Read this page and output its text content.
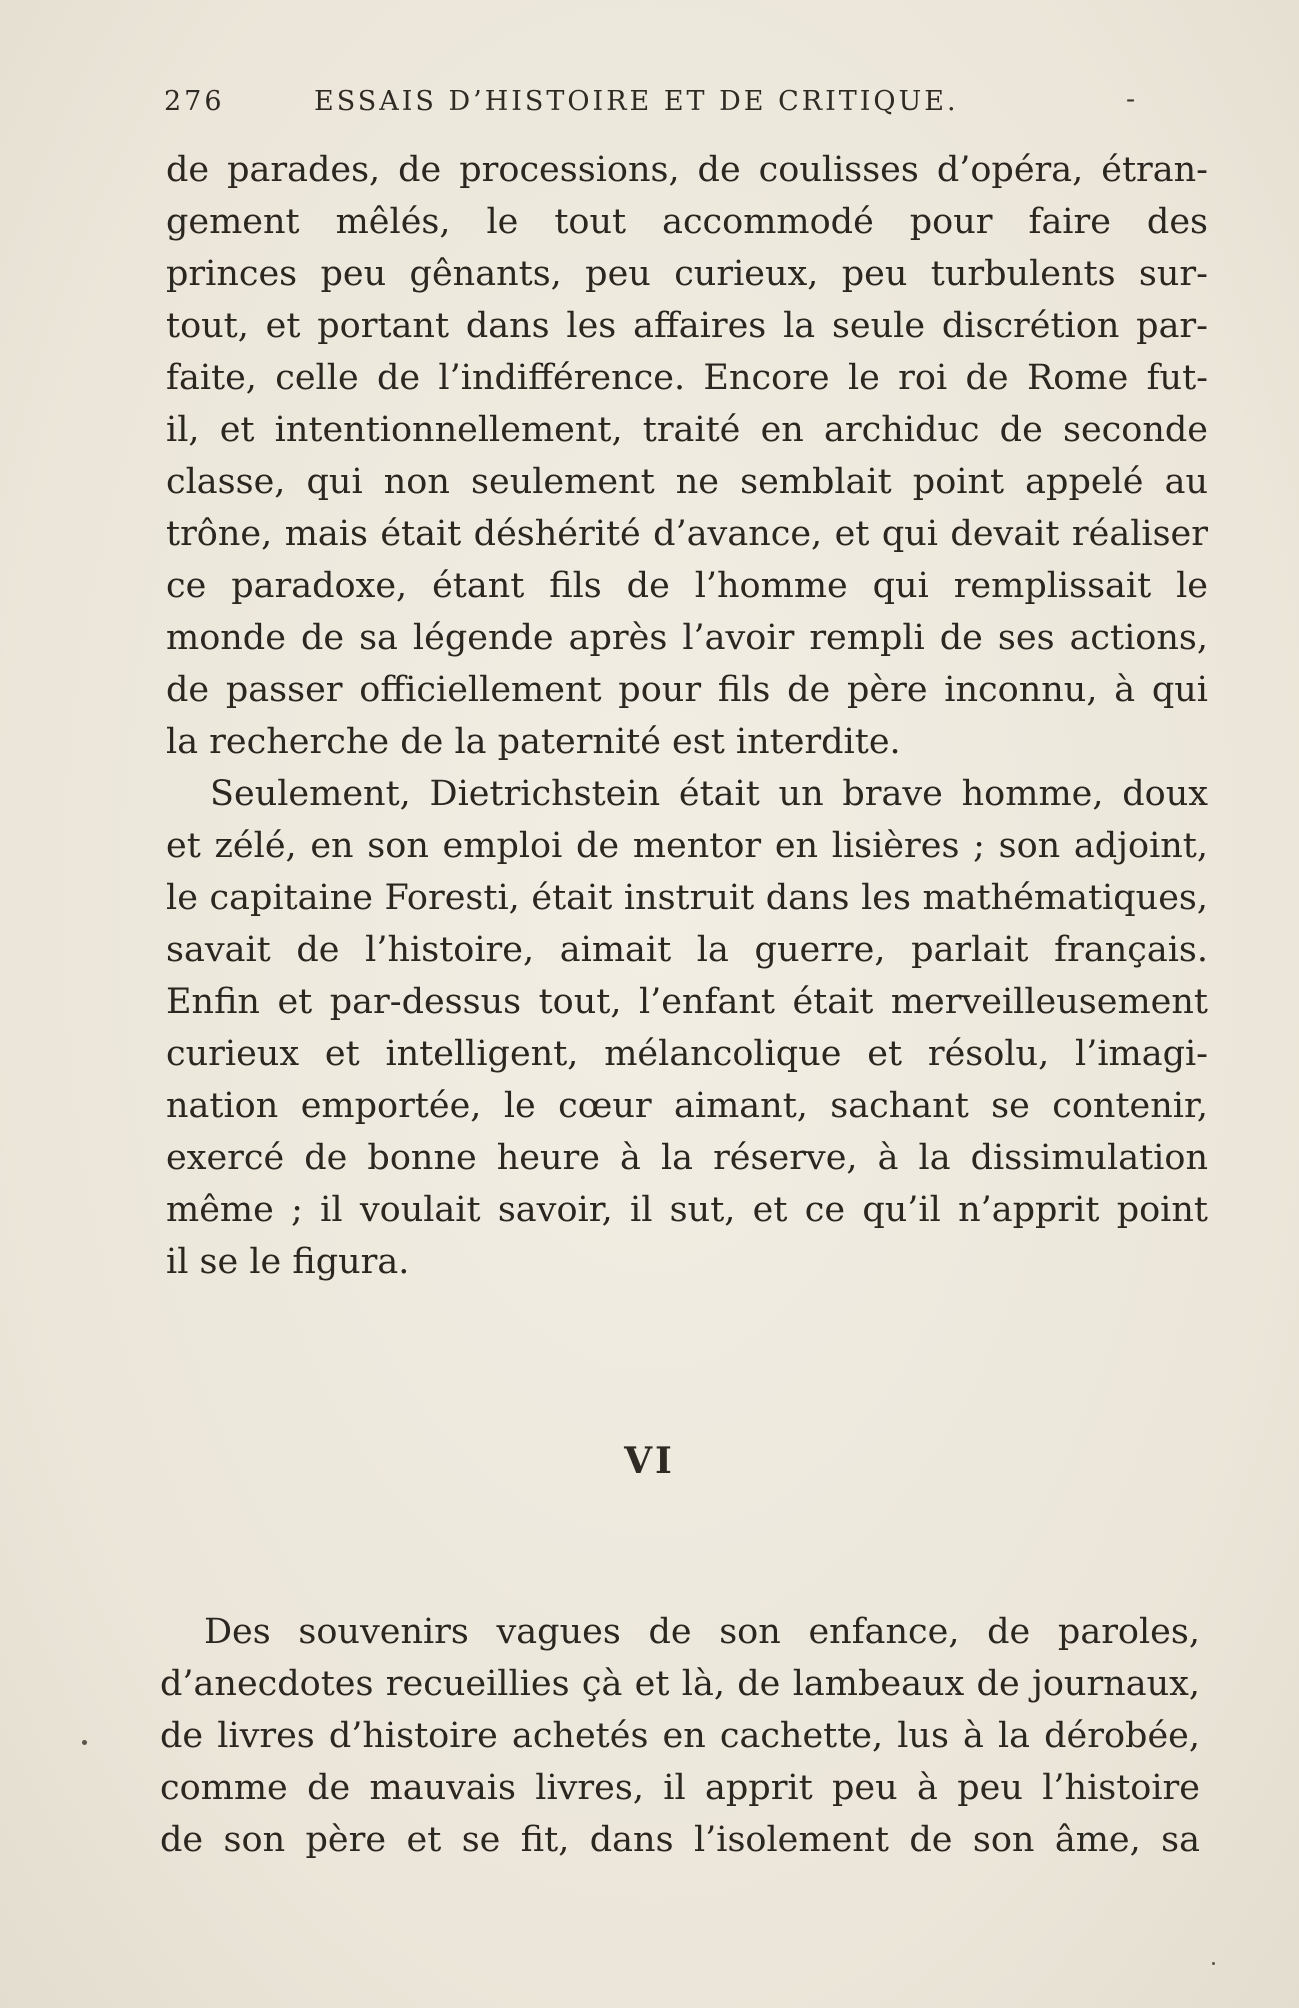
276	ESSAIS D’HISTOIRE ET DE CRITIQUE.	-
de parades, de processions, de coulisses d’opéra, étran-
gement mêlés, le tout accommodé pour faire des
princes peu gênants, peu curieux, peu turbulents sur-
tout, et portant dans les affaires la seule discrétion par-
faite, celle de l’indifférence. Encore le roi de Rome fut-
il, et intentionnellement, traité en archiduc de seconde
classe, qui non seulement ne semblait point appelé au
trône, mais était déshérité d’avance, et qui devait réaliser
ce paradoxe, étant fils de l’homme qui remplissait le
monde de sa légende après l’avoir rempli de ses actions,
de passer officiellement pour fils de père inconnu, à qui
la recherche de la paternité est interdite.
Seulement, Dietrichstein était un brave homme, doux
et zélé, en son emploi de mentor en lisières ; son adjoint,
le capitaine Foresti, était instruit dans les mathématiques,
savait de l’histoire, aimait la guerre, parlait français.
Enfin et par-dessus tout, l’enfant était merveilleusement
curieux et intelligent, mélancolique et résolu, l’imagi-
nation emportée, le cœur aimant, sachant se contenir,
exercé de bonne heure à la réserve, à la dissimulation
même ; il voulait savoir, il sut, et ce qu’il n’apprit point
il se le figura.
VI
Des souvenirs vagues de son enfance, de paroles,
d’anecdotes recueillies çà et là, de lambeaux de journaux,
de livres d’histoire achetés en cachette, lus à la dérobée,
comme de mauvais livres, il apprit peu à peu l’histoire
de son père et se fit, dans l’isolement de son âme, sa
